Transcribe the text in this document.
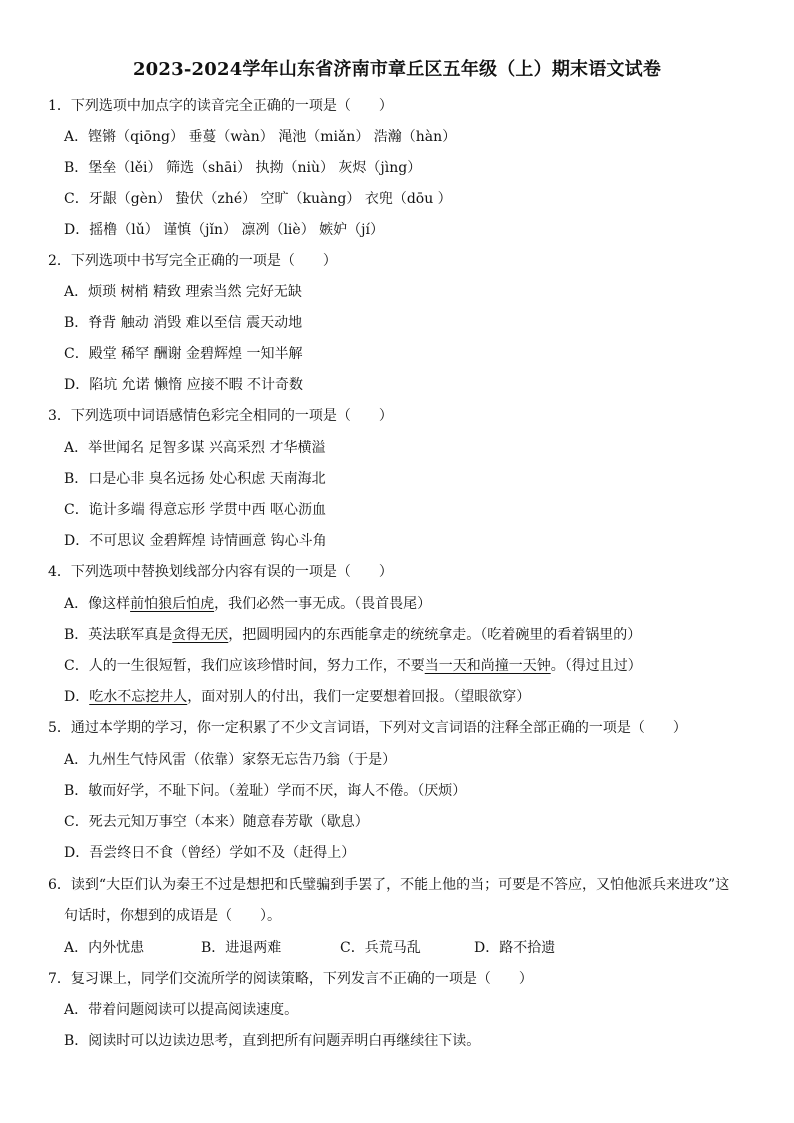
2023-2024学年山东省济南市章丘区五年级（上）期末语文试卷
1．下列选项中加点字的读音完全正确的一项是（　　）
A．铿锵（qiōng） 垂蔓（wàn） 渑池（miǎn） 浩瀚（hàn）
B．堡垒（lěi） 筛选（shāi） 执拗（niù） 灰烬（jìng）
C．牙龈（gèn） 蛰伏（zhé） 空旷（kuàng） 衣兜（dōu ）
D．摇橹（lǔ） 谨慎（jǐn） 凛冽（liè） 嫉妒（jí）
2．下列选项中书写完全正确的一项是（　　）
A．烦琐 树梢 精致 理索当然 完好无缺
B．脊背 触动 消毁 难以至信 震天动地
C．殿堂 稀罕 酬谢 金碧辉煌 一知半解
D．陷坑 允诺 懒惰 应接不暇 不计奇数
3．下列选项中词语感情色彩完全相同的一项是（　　）
A．举世闻名 足智多谋 兴高采烈 才华横溢
B．口是心非 臭名远扬 处心积虑 天南海北
C．诡计多端 得意忘形 学贯中西 呕心沥血
D．不可思议 金碧辉煌 诗情画意 钩心斗角
4．下列选项中替换划线部分内容有误的一项是（　　）
A．像这样前怕狼后怕虎，我们必然一事无成。（畏首畏尾）
B．英法联军真是贪得无厌，把圆明园内的东西能拿走的统统拿走。（吃着碗里的看着锅里的）
C．人的一生很短暂，我们应该珍惜时间，努力工作，不要当一天和尚撞一天钟。（得过且过）
D．吃水不忘挖井人，面对别人的付出，我们一定要想着回报。（望眼欲穿）
5．通过本学期的学习，你一定积累了不少文言词语，下列对文言词语的注释全部正确的一项是（　　）
A．九州生气恃风雷（依靠）家祭无忘告乃翁（于是）
B．敏而好学，不耻下问。（羞耻）学而不厌，诲人不倦。（厌烦）
C．死去元知万事空（本来）随意春芳歇（歇息）
D．吾尝终日不食（曾经）学如不及（赶得上）
6．读到“大臣们认为秦王不过是想把和氏璧骗到手罢了，不能上他的当；可要是不答应，又怕他派兵来进攻”这
句话时，你想到的成语是（　　）。
A．内外忧患	B．进退两难	C．兵荒马乱	D．路不拾遗
7．复习课上，同学们交流所学的阅读策略，下列发言不正确的一项是（　　）
A．带着问题阅读可以提高阅读速度。
B．阅读时可以边读边思考，直到把所有问题弄明白再继续往下读。
